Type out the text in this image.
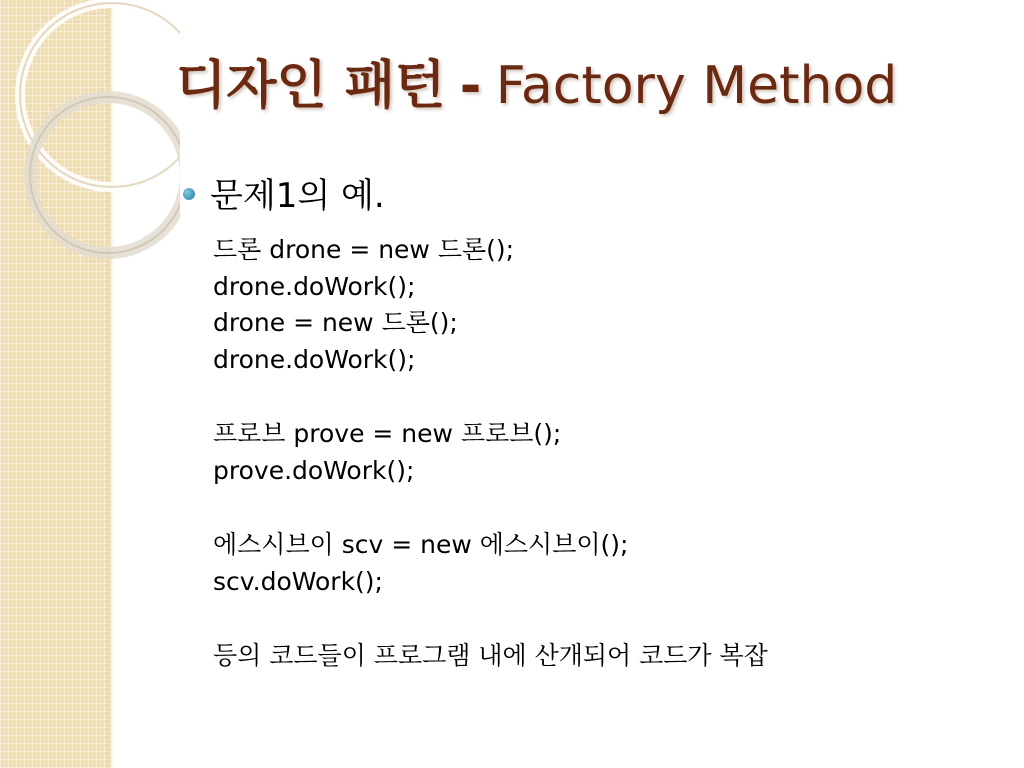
디자인 패턴 - Factory Method
문제1의 예.
드론 drone = new 드론();
drone.doWork();
drone = new 드론();
drone.doWork();
프로브 prove = new 프로브();
prove.doWork();
에스시브이 scv = new 에스시브이();
scv.doWork();
등의 코드들이 프로그램 내에 산개되어 코드가 복잡
